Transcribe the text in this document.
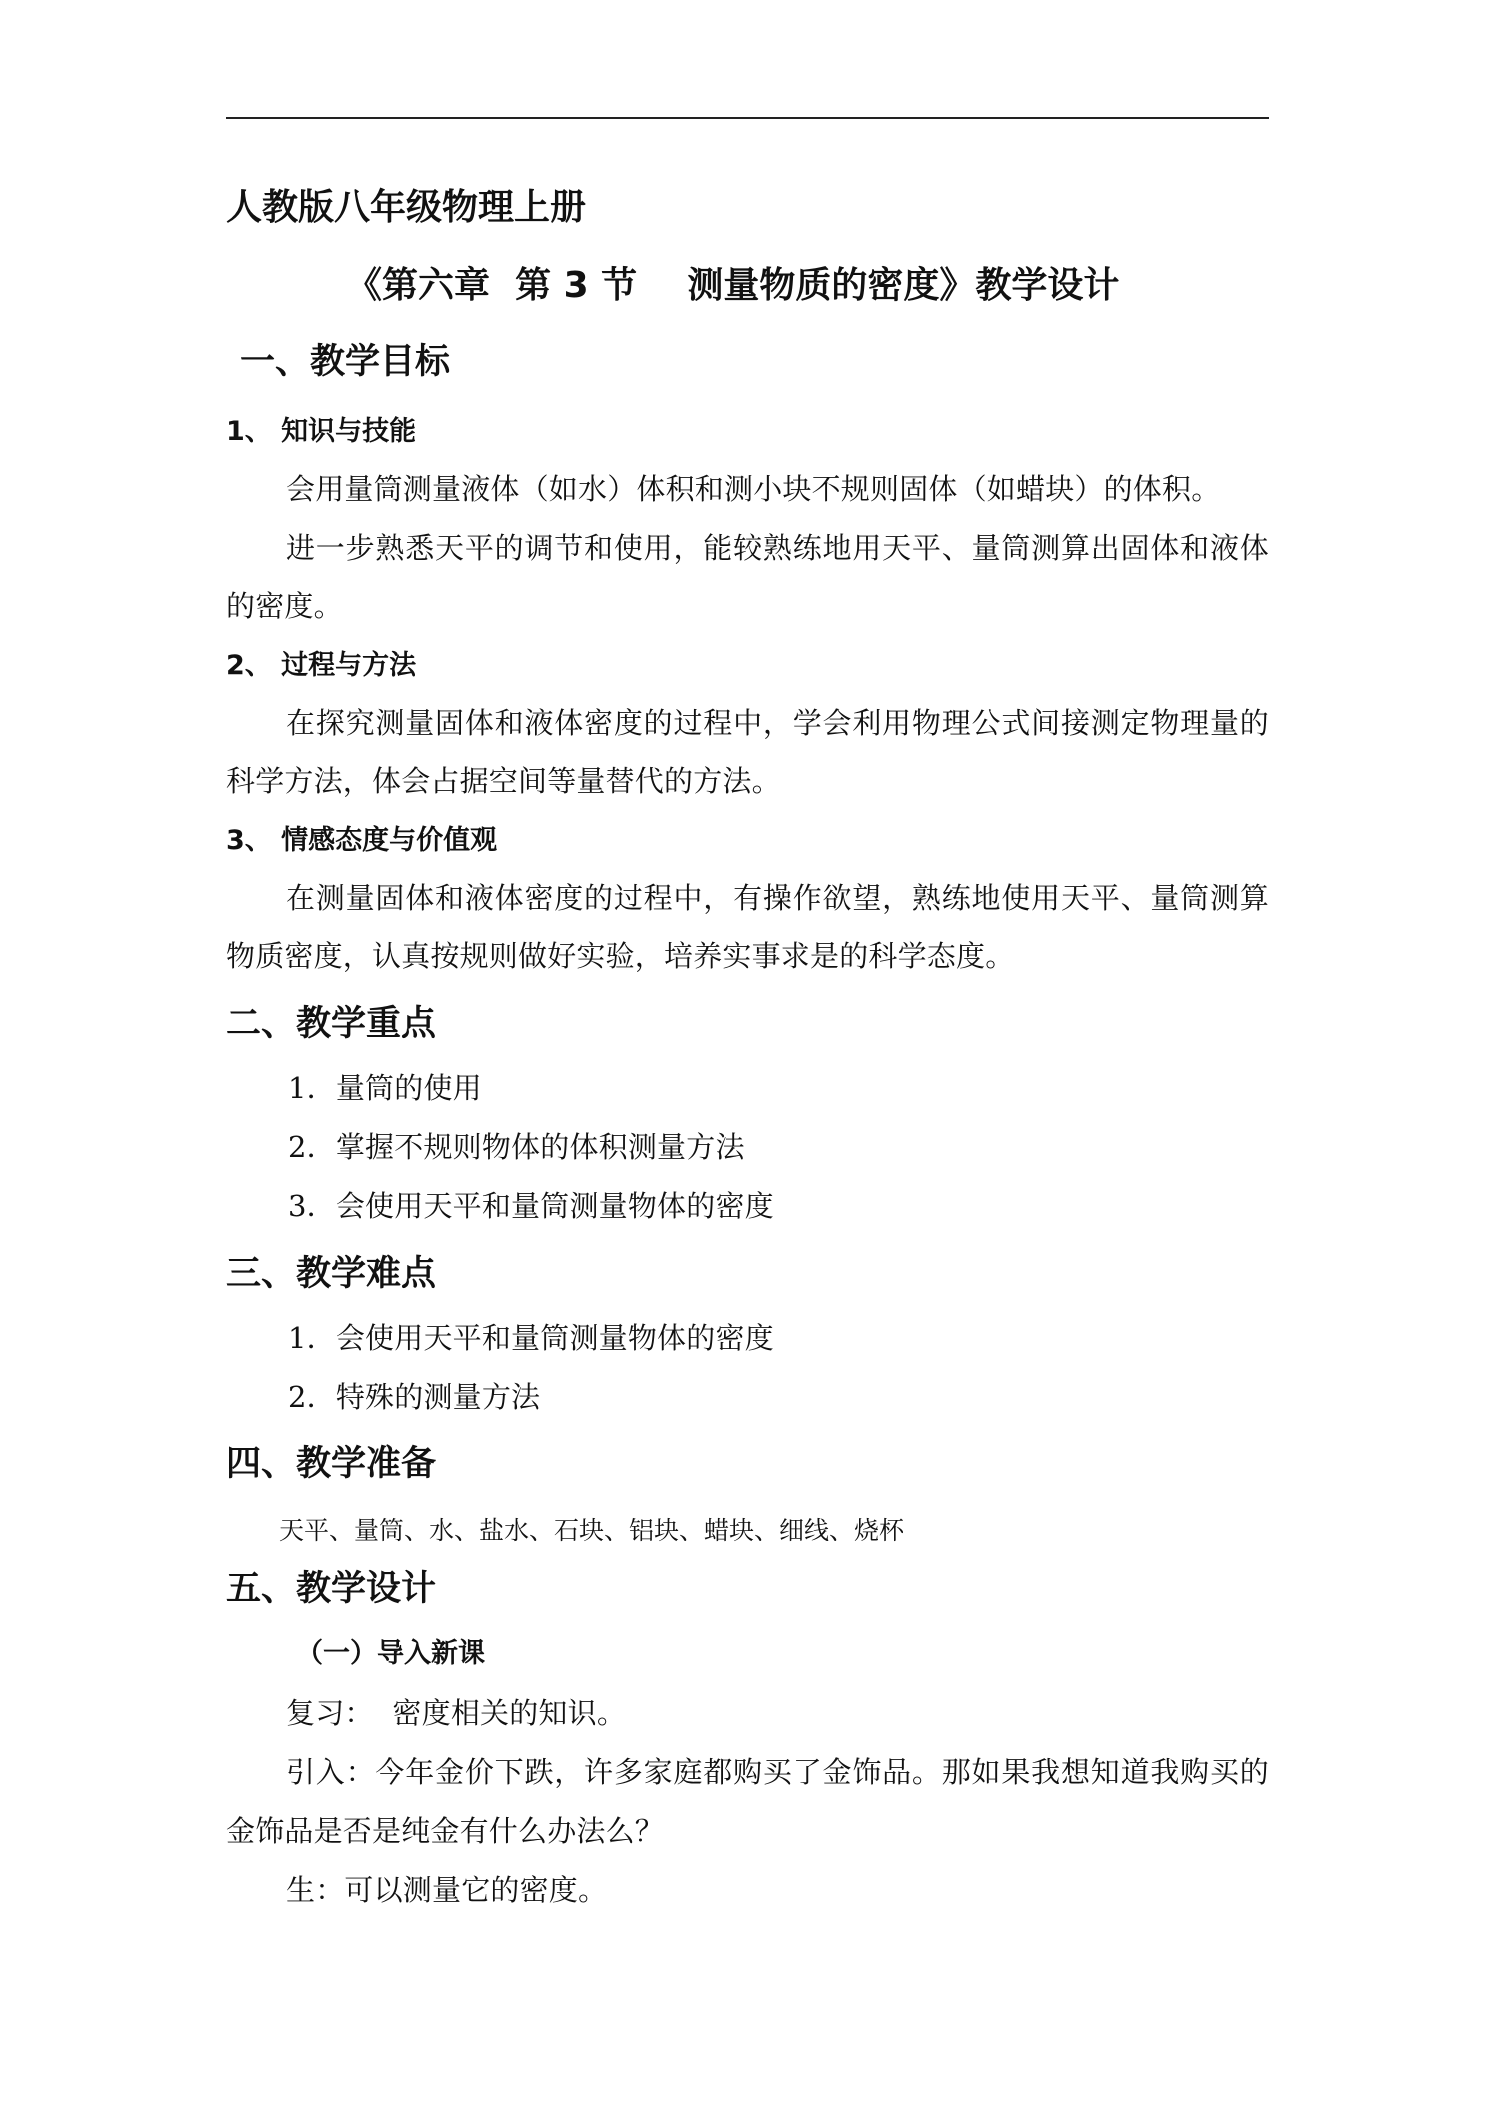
人教版八年级物理上册
《第六章  第 3 节    测量物质的密度》教学设计
一、教学目标
1、 知识与技能
会用量筒测量液体（如水）体积和测小块不规则固体（如蜡块）的体积。
进一步熟悉天平的调节和使用，能较熟练地用天平、量筒测算出固体和液体
的密度。
2、 过程与方法
在探究测量固体和液体密度的过程中，学会利用物理公式间接测定物理量的
科学方法，体会占据空间等量替代的方法。
3、 情感态度与价值观
在测量固体和液体密度的过程中，有操作欲望，熟练地使用天平、量筒测算
物质密度，认真按规则做好实验，培养实事求是的科学态度。
二、教学重点
1．量筒的使用
2．掌握不规则物体的体积测量方法
3．会使用天平和量筒测量物体的密度
三、教学难点
1．会使用天平和量筒测量物体的密度
2．特殊的测量方法
四、教学准备
天平、量筒、水、盐水、石块、铝块、蜡块、细线、烧杯
五、教学设计
（一）导入新课
复习：  密度相关的知识。
引入：今年金价下跌，许多家庭都购买了金饰品。那如果我想知道我购买的
金饰品是否是纯金有什么办法么？
生：可以测量它的密度。
